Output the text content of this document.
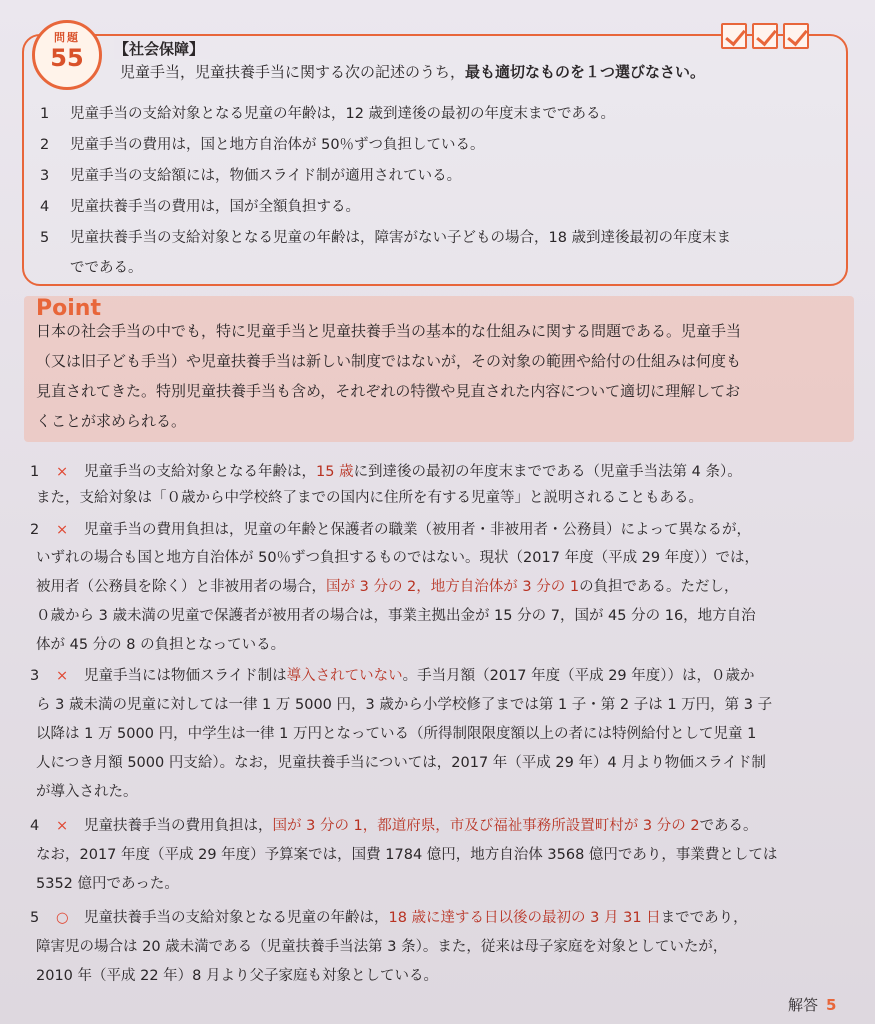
問題
55	【社会保障】
児童手当，児童扶養手当に関する次の記述のうち，最も適切なものを１つ選びなさい。
1 児童手当の支給対象となる児童の年齢は，12 歳到達後の最初の年度末までである。
2 児童手当の費用は，国と地方自治体が 50％ずつ負担している。
3 児童手当の支給額には，物価スライド制が適用されている。
4 児童扶養手当の費用は，国が全額負担する。
5 児童扶養手当の支給対象となる児童の年齢は，障害がない子どもの場合，18 歳到達後最初の年度末ま
でである。
Point
日本の社会手当の中でも，特に児童手当と児童扶養手当の基本的な仕組みに関する問題である。児童手当
（又は旧子ども手当）や児童扶養手当は新しい制度ではないが，その対象の範囲や給付の仕組みは何度も
見直されてきた。特別児童扶養手当も含め，それぞれの特徴や見直された内容について適切に理解してお
くことが求められる。
1 × 児童手当の支給対象となる年齢は，15 歳に到達後の最初の年度末までである（児童手当法第 4 条）。
また，支給対象は「０歳から中学校終了までの国内に住所を有する児童等」と説明されることもある。
2 × 児童手当の費用負担は，児童の年齢と保護者の職業（被用者・非被用者・公務員）によって異なるが，
いずれの場合も国と地方自治体が 50％ずつ負担するものではない。現状（2017 年度（平成 29 年度））では，
被用者（公務員を除く）と非被用者の場合，国が 3 分の 2，地方自治体が 3 分の 1の負担である。ただし，
０歳から 3 歳未満の児童で保護者が被用者の場合は，事業主拠出金が 15 分の 7，国が 45 分の 16，地方自治
体が 45 分の 8 の負担となっている。
3 × 児童手当には物価スライド制は導入されていない。手当月額（2017 年度（平成 29 年度））は，０歳か
ら 3 歳未満の児童に対しては一律 1 万 5000 円，3 歳から小学校修了までは第 1 子・第 2 子は 1 万円，第 3 子
以降は 1 万 5000 円，中学生は一律 1 万円となっている（所得制限限度額以上の者には特例給付として児童 1
人につき月額 5000 円支給）。なお，児童扶養手当については，2017 年（平成 29 年）4 月より物価スライド制
が導入された。
4 × 児童扶養手当の費用負担は，国が 3 分の 1，都道府県，市及び福祉事務所設置町村が 3 分の 2である。
なお，2017 年度（平成 29 年度）予算案では，国費 1784 億円，地方自治体 3568 億円であり，事業費としては
5352 億円であった。
5 ○ 児童扶養手当の支給対象となる児童の年齢は，18 歳に達する日以後の最初の 3 月 31 日までであり，
障害児の場合は 20 歳未満である（児童扶養手当法第 3 条）。また，従来は母子家庭を対象としていたが，
2010 年（平成 22 年）8 月より父子家庭も対象としている。
解答 5
